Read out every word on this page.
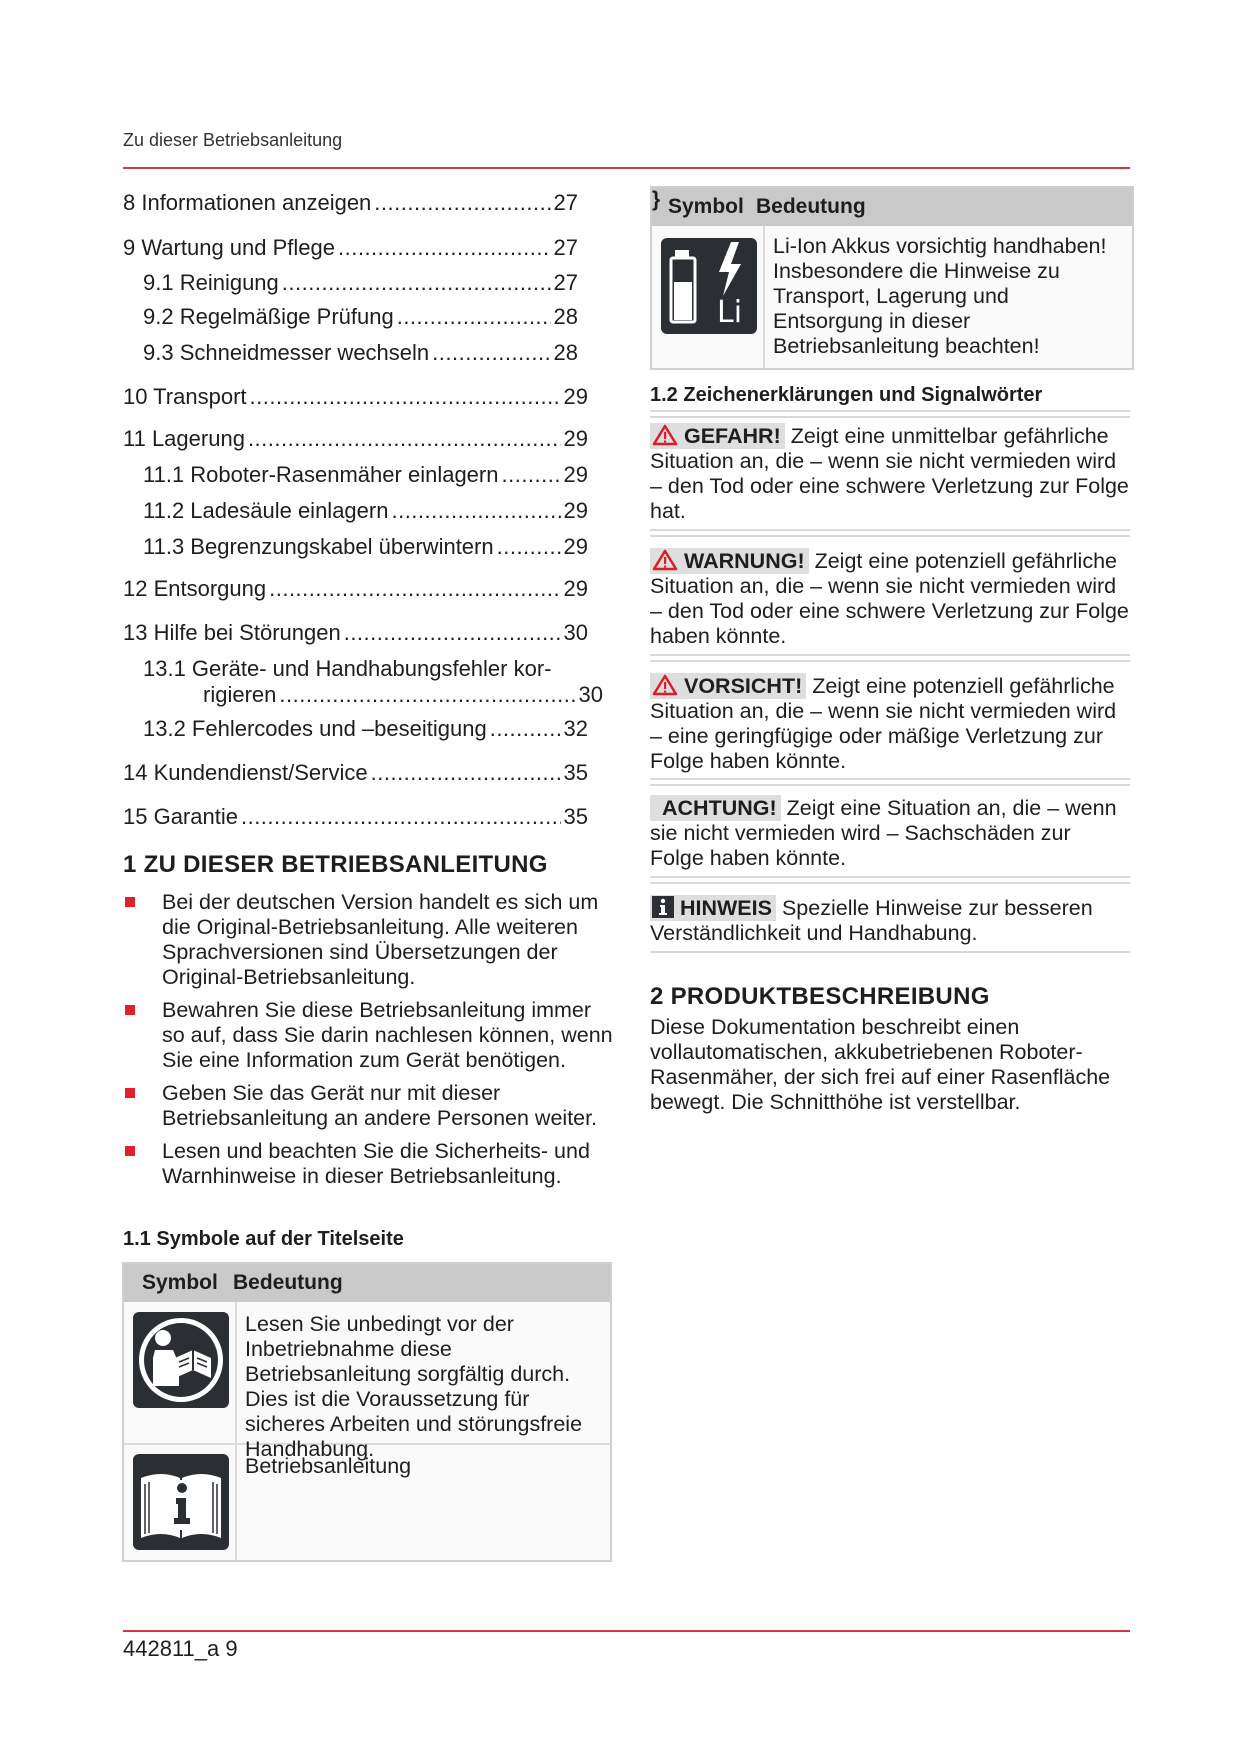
Zu dieser Betriebsanleitung
8 Informationen anzeigen .....	27
9 Wartung und Pflege .....	27
9.1 Reinigung .....	27
9.2 Regelmäßige Prüfung .....	28
9.3 Schneidmesser wechseln .....	28
10 Transport .....	29
11 Lagerung .....	29
11.1 Roboter-Rasenmäher einlagern .....	29
11.2 Ladesäule einlagern .....	29
11.3 Begrenzungskabel überwintern .....	29
12 Entsorgung .....	29
13 Hilfe bei Störungen .....	30
13.1 Geräte- und Handhabungsfehler kor-
rigieren .....	30
13.2 Fehlercodes und –beseitigung .....	32
14 Kundendienst/Service .....	35
15 Garantie .....	35
1 ZU DIESER BETRIEBSANLEITUNG
Bei der deutschen Version handelt es sich um die Original-Betriebsanleitung. Alle weiteren Sprachversionen sind Übersetzungen der Original-Betriebsanleitung.
Bewahren Sie diese Betriebsanleitung immer so auf, dass Sie darin nachlesen können, wenn Sie eine Information zum Gerät benötigen.
Geben Sie das Gerät nur mit dieser Betriebsanleitung an andere Personen weiter.
Lesen und beachten Sie die Sicherheits- und Warnhinweise in dieser Betriebsanleitung.
1.1 Symbole auf der Titelseite
Symbol Bedeutung
Lesen Sie unbedingt vor der Inbetriebnahme diese Betriebsanleitung sorgfältig durch. Dies ist die Voraussetzung für sicheres Arbeiten und störungsfreie Handhabung.
Betriebsanleitung
Symbol Bedeutung
}
Li
Li-Ion Akkus vorsichtig handhaben! Insbesondere die Hinweise zu Transport, Lagerung und Entsorgung in dieser Betriebsanleitung beachten!
1.2 Zeichenerklärungen und Signalwörter
GEFAHR! Zeigt eine unmittelbar gefährliche Situation an, die – wenn sie nicht vermieden wird – den Tod oder eine schwere Verletzung zur Folge hat.
WARNUNG! Zeigt eine potenziell gefährliche Situation an, die – wenn sie nicht vermieden wird – den Tod oder eine schwere Verletzung zur Folge haben könnte.
VORSICHT! Zeigt eine potenziell gefährliche Situation an, die – wenn sie nicht vermieden wird – eine geringfügige oder mäßige Verletzung zur Folge haben könnte.
ACHTUNG! Zeigt eine Situation an, die – wenn sie nicht vermieden wird – Sachschäden zur Folge haben könnte.
HINWEIS Spezielle Hinweise zur besseren Verständlichkeit und Handhabung.
2 PRODUKTBESCHREIBUNG
Diese Dokumentation beschreibt einen vollautomatischen, akkubetriebenen Roboter-Rasenmäher, der sich frei auf einer Rasenfläche bewegt. Die Schnitthöhe ist verstellbar.
442811_a 9
